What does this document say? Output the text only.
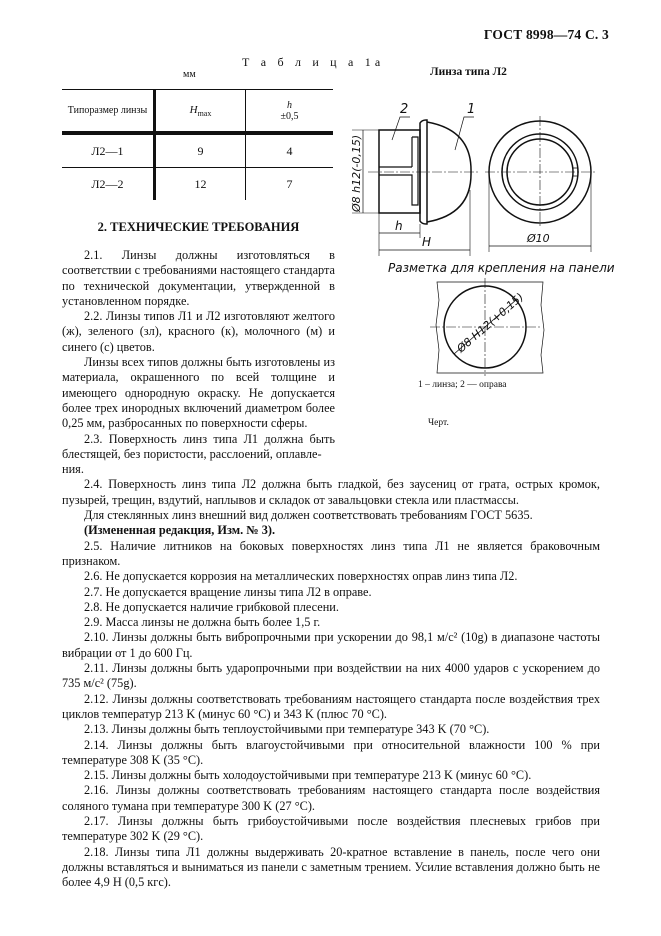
ГОСТ 8998—74 С. 3
Т а б л и ц а 1а
мм
Типоразмер линзы	$H_{max}$	h
±0,5
Л2—1	9	4
Л2—2	12	7
2. ТЕХНИЧЕСКИЕ ТРЕБОВАНИЯ

2.1. Линзы должны изготовляться в соответствии с требованиями настоящего стандарта по технической документации, утвержденной в установленном порядке.

2.2. Линзы типов Л1 и Л2 изготовляют желтого (ж), зеленого (зл), красного (к), молочного (м) и синего (с) цветов.

Линзы всех типов должны быть изготовлены из материала, окрашенного по всей толщине и имеющего однородную окраску. Не допускается более трех инородных включений диаметром более 0,25 мм, разбросанных по поверхности сферы.

2.3. Поверхность линз типа Л1 должна быть блестящей, без пористости, расслоений, оплавле-

ния.

2.4. Поверхность линз типа Л2 должна быть гладкой, без заусениц от грата, острых кромок, пузырей, трещин, вздутий, наплывов и складок от завальцовки стекла или пластмассы.

Для стеклянных линз внешний вид должен соответствовать требованиям ГОСТ 5635.

(Измененная редакция, Изм. № 3).

2.5. Наличие литников на боковых поверхностях линз типа Л1 не является браковочным признаком.

2.6. Не допускается коррозия на металлических поверхностях оправ линз типа Л2.

2.7. Не допускается вращение линзы типа Л2 в оправе.

2.8. Не допускается наличие грибковой плесени.

2.9. Масса линзы не должна быть более 1,5 г.

2.10. Линзы должны быть вибропрочными при ускорении до 98,1 м/с² (10g) в диапазоне частоты вибрации от 1 до 600 Гц.

2.11. Линзы должны быть ударопрочными при воздействии на них 4000 ударов с ускорением до 735 м/с² (75g).

2.12. Линзы должны соответствовать требованиям настоящего стандарта после воздействия трех циклов температур 213 K (минус 60 °C) и 343 K (плюс 70 °C).

2.13. Линзы должны быть теплоустойчивыми при температуре 343 K (70 °C).

2.14. Линзы должны быть влагоустойчивыми при относительной влажности 100 % при температуре 308 K (35 °C).

2.15. Линзы должны быть холодоустойчивыми при температуре 213 K (минус 60 °C).

2.16. Линзы должны соответствовать требованиям настоящего стандарта после воздействия соляного тумана при температуре 300 K (27 °C).

2.17. Линзы должны быть грибоустойчивыми после воздействия плесневых грибов при температуре 302 K (29 °C).

2.18. Линзы типа Л1 должны выдерживать 20-кратное вставление в панель, после чего они должны вставляться и выниматься из панели с заметным трением. Усилие вставления должно быть не более 4,9 Н (0,5 кгс).

Линза типа Л2
2	1
Ø8 h12(-0,15)
h
H	Ø10
Разметка для крепления на панели
Ø8 H12(+0,15)
1 – линза; 2 — оправа
Черт.
